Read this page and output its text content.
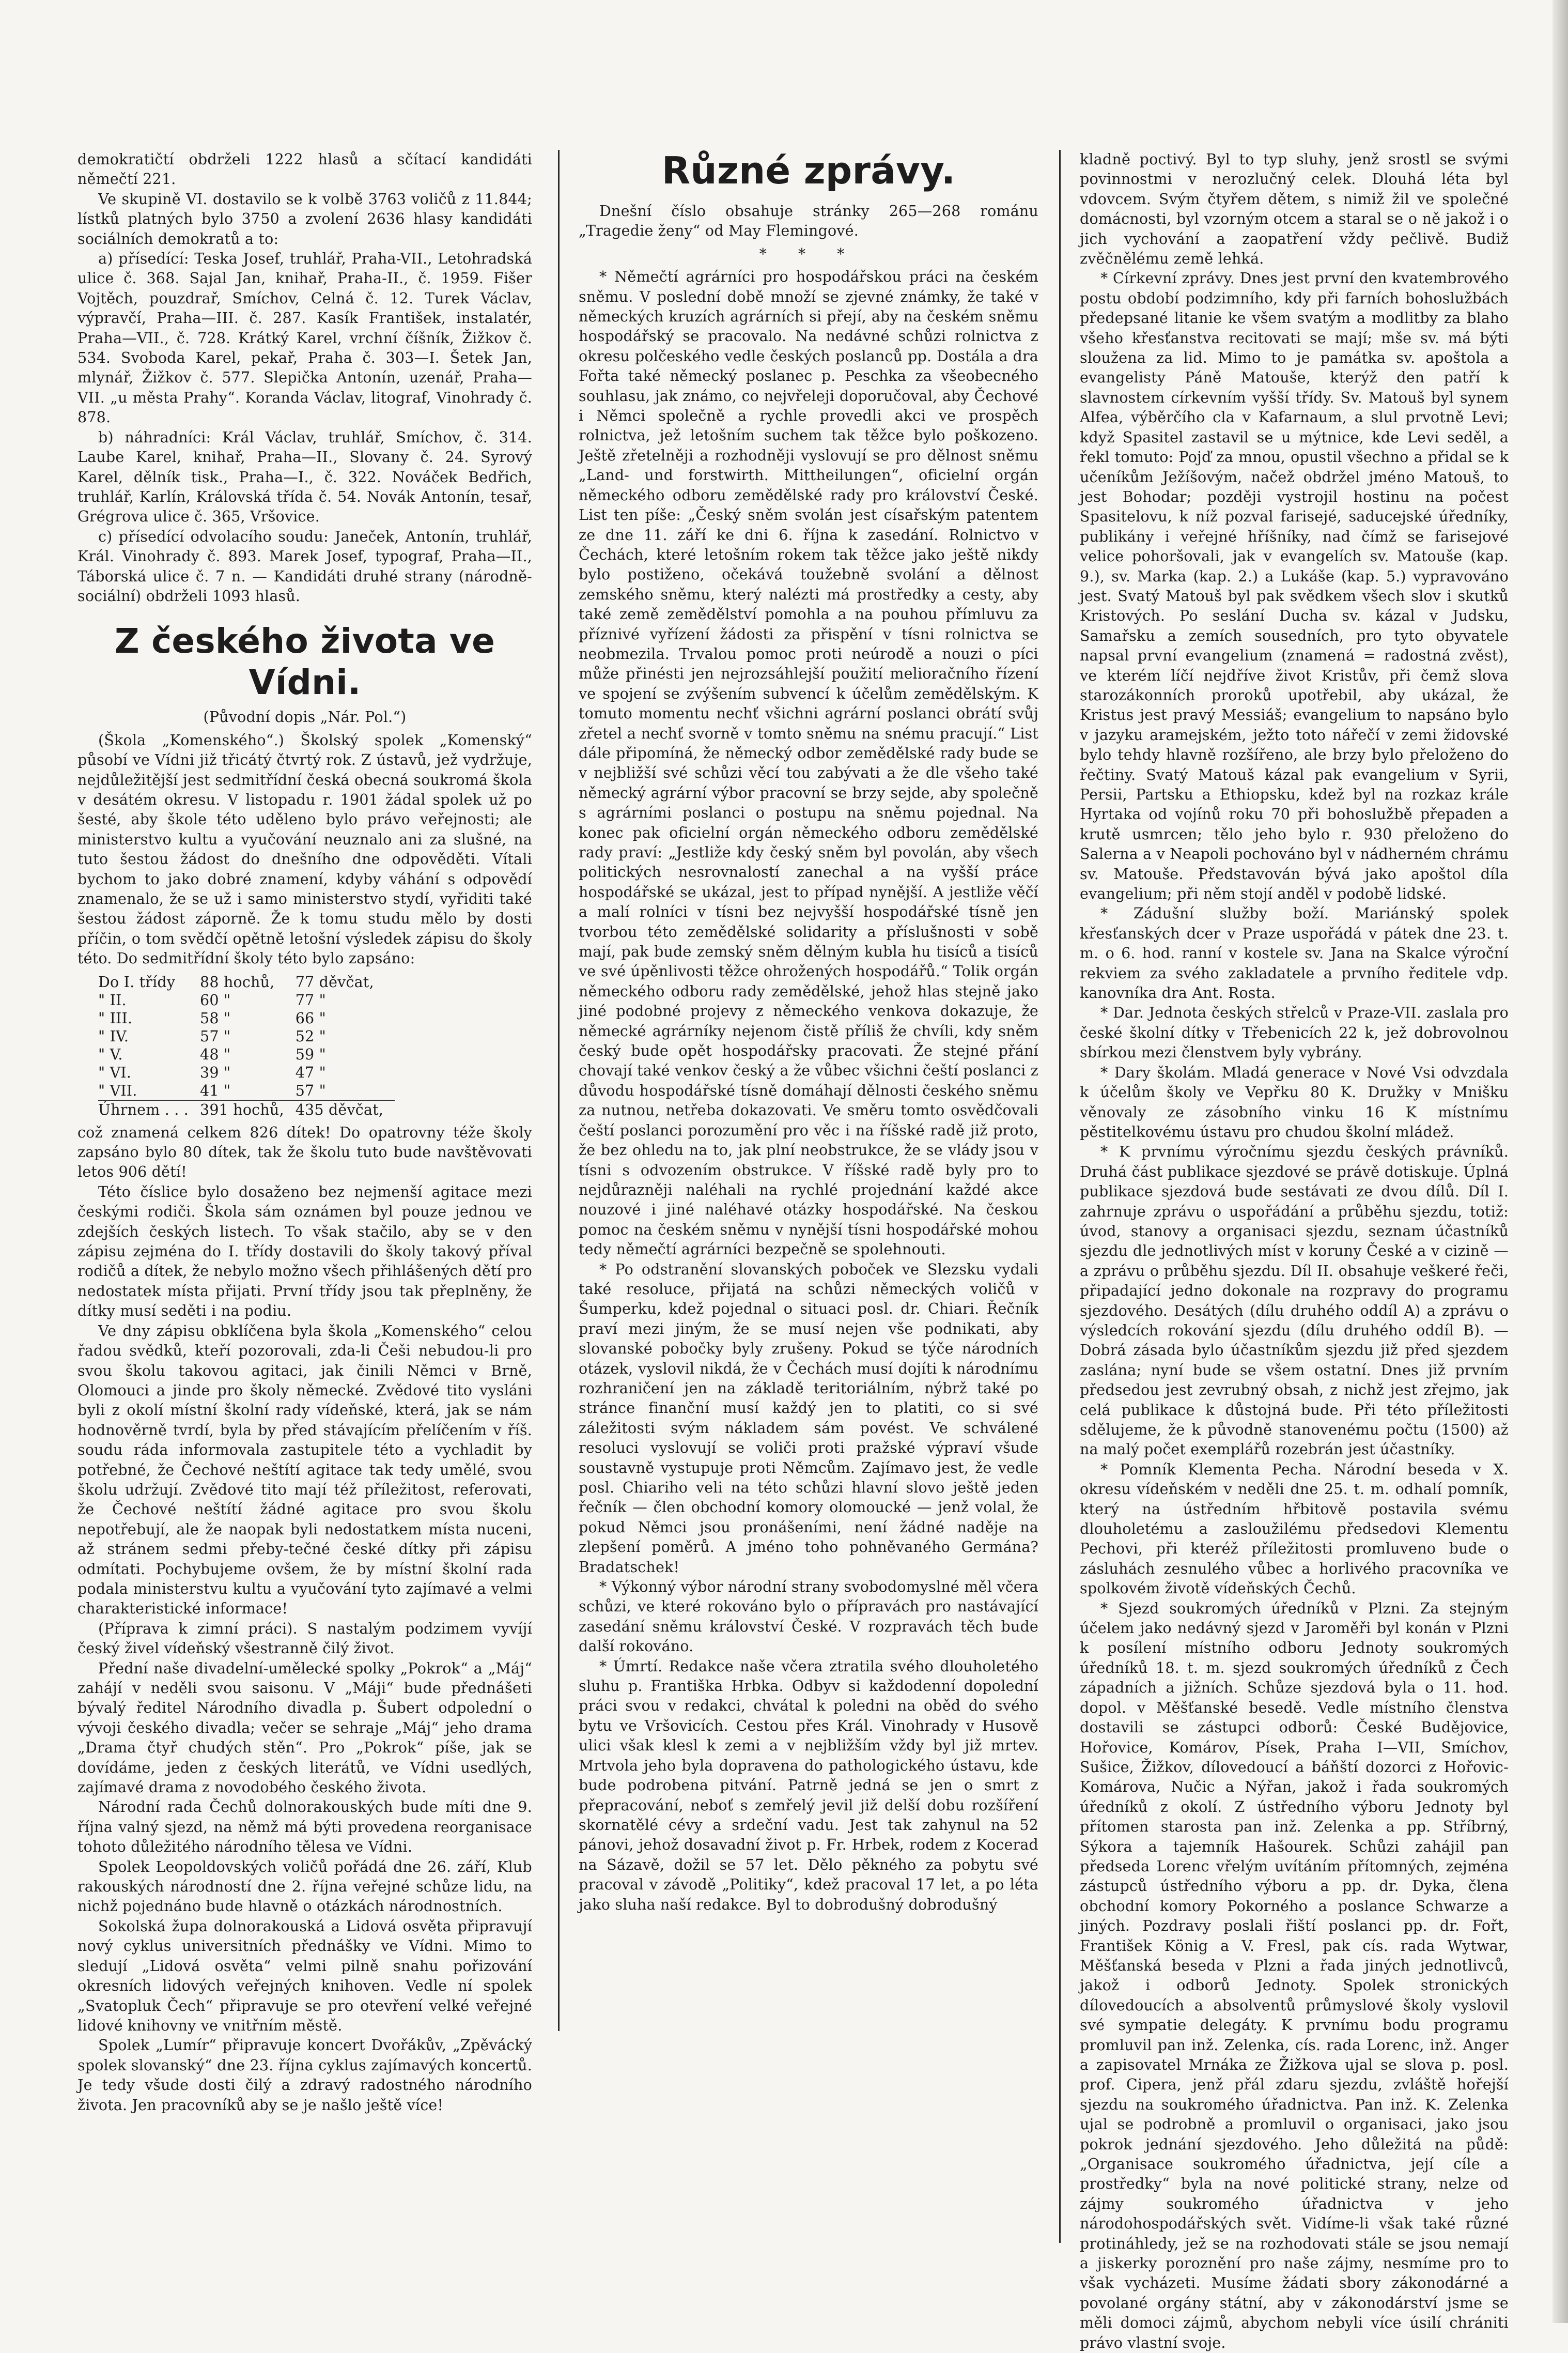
demokratičtí obdrželi 1222 hlasů a sčítací kandidáti němečtí 221.

Ve skupině VI. dostavilo se k volbě 3763 voličů z 11.844; lístků platných bylo 3750 a zvolení 2636 hlasy kandidáti sociálních demokratů a to:

a) přísedící: Teska Josef, truhlář, Praha-VII., Letohradská ulice č. 368. Sajal Jan, knihař, Praha-II., č. 1959. Fišer Vojtěch, pouzdrař, Smíchov, Celná č. 12. Turek Václav, výpravčí, Praha—III. č. 287. Kasík František, instalatér, Praha—VII., č. 728. Krátký Karel, vrchní číšník, Žižkov č. 534. Svoboda Karel, pekař, Praha č. 303—I. Šetek Jan, mlynář, Žižkov č. 577. Slepička Antonín, uzenář, Praha—VII. „u města Prahy“. Koranda Václav, litograf, Vinohrady č. 878.

b) náhradníci: Král Václav, truhlář, Smíchov, č. 314. Laube Karel, knihař, Praha—II., Slovany č. 24. Syrový Karel, dělník tisk., Praha—I., č. 322. Nováček Bedřich, truhlář, Karlín, Královská třída č. 54. Novák Antonín, tesař, Grégrova ulice č. 365, Vršovice.

c) přísedící odvolacího soudu: Janeček, Antonín, truhlář, Král. Vinohrady č. 893. Marek Josef, typograf, Praha—II., Táborská ulice č. 7 n. — Kandidáti druhé strany (národně-sociální) obdrželi 1093 hlasů.

Z českého života ve Vídni.
(Původní dopis „Nár. Pol.“)

(Škola „Komenského“.) Školský spolek „Komenský“ působí ve Vídni již třicátý čtvrtý rok. Z ústavů, jež vydržuje, nejdůležitější jest sedmitřídní česká obecná soukromá škola v desátém okresu. V listopadu r. 1901 žádal spolek už po šesté, aby škole této uděleno bylo právo veřejnosti; ale ministerstvo kultu a vyučování neuznalo ani za slušné, na tuto šestou žádost do dnešního dne odpověděti. Vítali bychom to jako dobré znamení, kdyby váhání s odpovědí znamenalo, že se už i samo ministerstvo stydí, vyřiditi také šestou žádost záporně. Že k tomu studu mělo by dosti příčin, o tom svědčí opětně letošní výsledek zápisu do školy této. Do sedmitřídní školy této bylo zapsáno:

Do I. třídy	88 hochů,	77 děvčat,
" II.	60 "	77 "
" III.	58 "	66 "
" IV.	57 "	52 "
" V.	48 "	59 "
" VI.	39 "	47 "
" VII.	41 "	57 "
Úhrnem . . .	391 hochů,	435 děvčat,

což znamená celkem 826 dítek! Do opatrovny téže školy zapsáno bylo 80 dítek, tak že školu tuto bude navštěvovati letos 906 dětí!

Této číslice bylo dosaženo bez nejmenší agitace mezi českými rodiči. Škola sám oznámen byl pouze jednou ve zdejších českých listech. To však stačilo, aby se v den zápisu zejména do I. třídy dostavili do školy takový příval rodičů a dítek, že nebylo možno všech přihlášených dětí pro nedostatek místa přijati. První třídy jsou tak přeplněny, že dítky musí seděti i na podiu.

Ve dny zápisu obklíčena byla škola „Komenského“ celou řadou svědků, kteří pozorovali, zda-li Češi nebudou-li pro svou školu takovou agitaci, jak činili Němci v Brně, Olomouci a jinde pro školy německé. Zvědové tito vysláni byli z okolí místní školní rady vídeňské, která, jak se nám hodnověrně tvrdí, byla by před stávajícím přelíčením v říš. soudu ráda informovala zastupitele této a vychladit by potřebné, že Čechové neštítí agitace tak tedy umělé, svou školu udržují. Zvědové tito mají též příležitost, referovati, že Čechové neštítí žádné agitace pro svou školu nepotřebují, ale že naopak byli nedostatkem místa nuceni, až stránem sedmi přeby-tečné české dítky při zápisu odmítati. Pochybujeme ovšem, že by místní školní rada podala ministerstvu kultu a vyučování tyto zajímavé a velmi charakteristické informace!

(Příprava k zimní práci). S nastalým podzimem vyvíjí český živel vídeňský všestranně čilý život.

Přední naše divadelní-umělecké spolky „Pokrok“ a „Máj“ zahájí v neděli svou saisonu. V „Máji“ bude přednášeti bývalý ředitel Národního divadla p. Šubert odpolední o vývoji českého divadla; večer se sehraje „Máj“ jeho drama „Drama čtyř chudých stěn“. Pro „Pokrok“ píše, jak se dovídáme, jeden z českých literátů, ve Vídni usedlých, zajímavé drama z novodobého českého života.

Národní rada Čechů dolnorakouských bude míti dne 9. října valný sjezd, na němž má býti provedena reorganisace tohoto důležitého národního tělesa ve Vídni.

Spolek Leopoldovských voličů pořádá dne 26. září, Klub rakouských národností dne 2. října veřejné schůze lidu, na nichž pojednáno bude hlavně o otázkách národnostních.

Sokolská župa dolnorakouská a Lidová osvěta připravují nový cyklus universitních přednášky ve Vídni. Mimo to sledují „Lidová osvěta“ velmi pilně snahu pořizování okresních lidových veřejných knihoven. Vedle ní spolek „Svatopluk Čech“ připravuje se pro otevření velké veřejné lidové knihovny ve vnitřním městě.

Spolek „Lumír“ připravuje koncert Dvořákův, „Zpěvácký spolek slovanský“ dne 23. října cyklus zajímavých koncertů. Je tedy všude dosti čilý a zdravý radostného národního života. Jen pracovníků aby se je našlo ještě více!

Různé zprávy.

Dnešní číslo obsahuje stránky 265—268 románu „Tragedie ženy“ od May Flemingové.

* * *

* Němečtí agrárníci pro hospodářskou práci na českém sněmu. V poslední době množí se zjevné známky, že také v německých kruzích agrárních si přejí, aby na českém sněmu hospodářský se pracovalo. Na nedávné schůzi rolnictva z okresu polčeského vedle českých poslanců pp. Dostála a dra Fořta také německý poslanec p. Peschka za všeobecného souhlasu, jak známo, co nejvřeleji doporučoval, aby Čechové i Němci společně a rychle provedli akci ve prospěch rolnictva, jež letošním suchem tak těžce bylo poškozeno. Ještě zřetelněji a rozhodněji vyslovují se pro dělnost sněmu „Land- und forstwirth. Mittheilungen“, oficielní orgán německého odboru zemědělské rady pro království České. List ten píše: „Český sněm svolán jest císařským patentem ze dne 11. září ke dni 6. října k zasedání. Rolnictvo v Čechách, které letošním rokem tak těžce jako ještě nikdy bylo postiženo, očekává toužebně svolání a dělnost zemského sněmu, který nalézti má prostředky a cesty, aby také země zemědělství pomohla a na pouhou přímluvu za příznivé vyřízení žádosti za přispění v tísni rolnictva se neobmezila. Trvalou pomoc proti neúrodě a nouzi o píci může přinésti jen nejrozsáhlejší použití melioračního řízení ve spojení se zvýšením subvencí k účelům zemědělským. K tomuto momentu nechť všichni agrární poslanci obrátí svůj zřetel a nechť svorně v tomto sněmu na snému pracují.“ List dále připomíná, že německý odbor zemědělské rady bude se v nejbližší své schůzi věcí tou zabývati a že dle všeho také německý agrární výbor pracovní se brzy sejde, aby společně s agrárními poslanci o postupu na sněmu pojednal. Na konec pak oficielní orgán německého odboru zemědělské rady praví: „Jestliže kdy český sněm byl povolán, aby všech politických nesrovnalostí zanechal a na vyšší práce hospodářské se ukázal, jest to případ nynější. A jestliže věčí a malí rolníci v tísni bez nejvyšší hospodářské tísně jen tvorbou této zemědělské solidarity a příslušnosti v sobě mají, pak bude zemský sněm dělným kubla hu tisíců a tisíců ve své úpěnlivosti těžce ohrožených hospodářů.“ Tolik orgán německého odboru rady zemědělské, jehož hlas stejně jako jiné podobné projevy z německého venkova dokazuje, že německé agrárníky nejenom čistě příliš že chvíli, kdy sněm český bude opět hospodářsky pracovati. Že stejné přání chovají také venkov český a že vůbec všichni čeští poslanci z důvodu hospodářské tísně domáhají dělnosti českého sněmu za nutnou, netřeba dokazovati. Ve směru tomto osvědčovali čeští poslanci porozumění pro věc i na říšské radě již proto, že bez ohledu na to, jak plní neobstrukce, že se vlády jsou v tísni s odvozením obstrukce. V říšské radě byly pro to nejdůrazněji naléhali na rychlé projednání každé akce nouzové i jiné naléhavé otázky hospodářské. Na českou pomoc na českém sněmu v nynější tísni hospodářské mohou tedy němečtí agrárníci bezpečně se spolehnouti.

* Po odstranění slovanských poboček ve Slezsku vydali také resoluce, přijatá na schůzi německých voličů v Šumperku, kdež pojednal o situaci posl. dr. Chiari. Řečník praví mezi jiným, že se musí nejen vše podnikati, aby slovanské pobočky byly zrušeny. Pokud se týče národních otázek, vyslovil nikdá, že v Čechách musí dojíti k národnímu rozhraničení jen na základě teritoriálním, nýbrž také po stránce finanční musí každý jen to platiti, co si své záležitosti svým nákladem sám povést. Ve schválené resoluci vyslovují se voliči proti pražské výpraví všude soustavně vystupuje proti Němcům. Zajímavo jest, že vedle posl. Chiariho veli na této schůzi hlavní slovo ještě jeden řečník — člen obchodní komory olomoucké — jenž volal, že pokud Němci jsou pronášeními, není žádné naděje na zlepšení poměrů. A jméno toho pohněvaného Germána? Bradatschek!

* Výkonný výbor národní strany svobodomyslné měl včera schůzi, ve které rokováno bylo o přípravách pro nastávající zasedání sněmu království České. V rozpravách těch bude další rokováno.

* Úmrtí. Redakce naše včera ztratila svého dlouholetého sluhu p. Františka Hrbka. Odbyv si každodenní dopolední práci svou v redakci, chvátal k poledni na oběd do svého bytu ve Vršovicích. Cestou přes Král. Vinohrady v Husově ulici však klesl k zemi a v nejbližším vždy byl již mrtev. Mrtvola jeho byla dopravena do pathologického ústavu, kde bude podrobena pitvání. Patrně jedná se jen o smrt z přepracování, neboť s zemřelý jevil již delší dobu rozšíření skornatělé cévy a srdeční vadu. Jest tak zahynul na 52 pánovi, jehož dosavadní život p. Fr. Hrbek, rodem z Kocerad na Sázavě, dožil se 57 let. Dělo pěkného za pobytu své pracoval v závodě „Politiky“, kdež pracoval 17 let, a po léta jako sluha naší redakce. Byl to dobrodušný dobrodušný

kladně poctivý. Byl to typ sluhy, jenž srostl se svými povinnostmi v nerozlučný celek. Dlouhá léta byl vdovcem. Svým čtyřem dětem, s nimiž žil ve společné domácnosti, byl vzorným otcem a staral se o ně jakož i o jich vychování a zaopatření vždy pečlivě. Budiž zvěčnělému země lehká.

* Církevní zprávy. Dnes jest první den kvatembrového postu období podzimního, kdy při farních bohoslužbách předepsané litanie ke všem svatým a modlitby za blaho všeho křesťanstva recitovati se mají; mše sv. má býti sloužena za lid. Mimo to je památka sv. apoštola a evangelisty Páně Matouše, kterýž den patří k slavnostem církevním vyšší třídy. Sv. Matouš byl synem Alfea, výběrčího cla v Kafarnaum, a slul prvotně Levi; když Spasitel zastavil se u mýtnice, kde Levi seděl, a řekl tomuto: Pojď za mnou, opustil všechno a přidal se k učeníkům Ježíšovým, načež obdržel jméno Matouš, to jest Bohodar; později vystrojil hostinu na počest Spasitelovu, k níž pozval farisejé, saducejské úředníky, publikány i veřejné hříšníky, nad čímž se farisejové velice pohoršovali, jak v evangelích sv. Matouše (kap. 9.), sv. Marka (kap. 2.) a Lukáše (kap. 5.) vypravováno jest. Svatý Matouš byl pak svědkem všech slov i skutků Kristových. Po seslání Ducha sv. kázal v Judsku, Samařsku a zemích sousedních, pro tyto obyvatele napsal první evangelium (znamená = radostná zvěst), ve kterém líčí nejdříve život Kristův, při čemž slova starozákonních proroků upotřebil, aby ukázal, že Kristus jest pravý Messiáš; evangelium to napsáno bylo v jazyku aramejském, ježto toto nářečí v zemi židovské bylo tehdy hlavně rozšířeno, ale brzy bylo přeloženo do řečtiny. Svatý Matouš kázal pak evangelium v Syrii, Persii, Partsku a Ethiopsku, kdež byl na rozkaz krále Hyrtaka od vojínů roku 70 při bohoslužbě přepaden a krutě usmrcen; tělo jeho bylo r. 930 přeloženo do Salerna a v Neapoli pochováno byl v nádherném chrámu sv. Matouše. Představován bývá jako apoštol díla evangelium; při něm stojí anděl v podobě lidské.

* Zádušní služby boží. Mariánský spolek křesťanských dcer v Praze uspořádá v pátek dne 23. t. m. o 6. hod. ranní v kostele sv. Jana na Skalce výroční rekviem za svého zakladatele a prvního ředitele vdp. kanovníka dra Ant. Rosta.

* Dar. Jednota českých střelců v Praze-VII. zaslala pro české školní dítky v Třebenicích 22 k, jež dobrovolnou sbírkou mezi členstvem byly vybrány.

* Dary školám. Mladá generace v Nové Vsi odvzdala k účelům školy ve Vepřku 80 K. Družky v Mnišku věnovaly ze zásobního vinku 16 K místnímu pěstitelkovému ústavu pro chudou školní mládež.

* K prvnímu výročnímu sjezdu českých právníků. Druhá část publikace sjezdové se právě dotiskuje. Úplná publikace sjezdová bude sestávati ze dvou dílů. Díl I. zahrnuje zprávu o uspořádání a průběhu sjezdu, totiž: úvod, stanovy a organisaci sjezdu, seznam účastníků sjezdu dle jednotlivých míst v koruny České a v cizině — a zprávu o průběhu sjezdu. Díl II. obsahuje veškeré řeči, připadající jedno dokonale na rozpravy do programu sjezdového. Desátých (dílu druhého oddíl A) a zprávu o výsledcích rokování sjezdu (dílu druhého oddíl B). — Dobrá zásada bylo účastníkům sjezdu již před sjezdem zaslána; nyní bude se všem ostatní. Dnes již prvním předsedou jest zevrubný obsah, z nichž jest zřejmo, jak celá publikace k důstojná bude. Při této příležitosti sdělujeme, že k původně stanovenému počtu (1500) až na malý počet exemplářů rozebrán jest účastníky.

* Pomník Klementa Pecha. Národní beseda v X. okresu vídeňském v neděli dne 25. t. m. odhalí pomník, který na ústředním hřbitově postavila svému dlouholetému a zasloužilému předsedovi Klementu Pechovi, při kteréž příležitosti promluveno bude o zásluhách zesnulého vůbec a horlivého pracovníka ve spolkovém životě vídeňských Čechů.

* Sjezd soukromých úředníků v Plzni. Za stejným účelem jako nedávný sjezd v Jaroměři byl konán v Plzni k posílení místního odboru Jednoty soukromých úředníků 18. t. m. sjezd soukromých úředníků z Čech západních a jižních. Schůze sjezdová byla o 11. hod. dopol. v Měšťanské besedě. Vedle místního členstva dostavili se zástupci odborů: České Budějovice, Hořovice, Komárov, Písek, Praha I—VII, Smíchov, Sušice, Žižkov, dílovedoucí a báňští dozorci z Hořovic-Komárova, Nučic a Nýřan, jakož i řada soukromých úředníků z okolí. Z ústředního výboru Jednoty byl přítomen starosta pan inž. Zelenka a pp. Stříbrný, Sýkora a tajemník Hašourek. Schůzi zahájil pan předseda Lorenc vřelým uvítáním přítomných, zejména zástupců ústředního výboru a pp. dr. Dyka, člena obchodní komory Pokorného a poslance Schwarze a jiných. Pozdravy poslali řiští poslanci pp. dr. Fořt, František König a V. Fresl, pak cís. rada Wytwar, Měšťanská beseda v Plzni a řada jiných jednotlivců, jakož i odborů Jednoty. Spolek stronických dílovedoucích a absolventů průmyslové školy vyslovil své sympatie delegáty. K prvnímu bodu programu promluvil pan inž. Zelenka, cís. rada Lorenc, inž. Anger a zapisovatel Mrnáka ze Žižkova ujal se slova p. posl. prof. Cipera, jenž přál zdaru sjezdu, zvláště hořejší sjezdu na soukromého úřadnictva. Pan inž. K. Zelenka ujal se podrobně a promluvil o organisaci, jako jsou pokrok jednání sjezdového. Jeho důležitá na půdě: „Organisace soukromého úřadnictva, její cíle a prostředky“ byla na nové politické strany, nelze od zájmy soukromého úřadnictva v jeho národohospodářských svět. Vidíme-li však také různé protináhledy, jež se na rozhodovati stále se jsou nemají a jiskerky poroznění pro naše zájmy, nesmíme pro to však vycházeti. Musíme žádati sbory zákonodárné a povolané orgány státní, aby v zákonodárství jsme se měli domoci zájmů, abychom nebyli více úsilí chrániti právo vlastní svoje.
